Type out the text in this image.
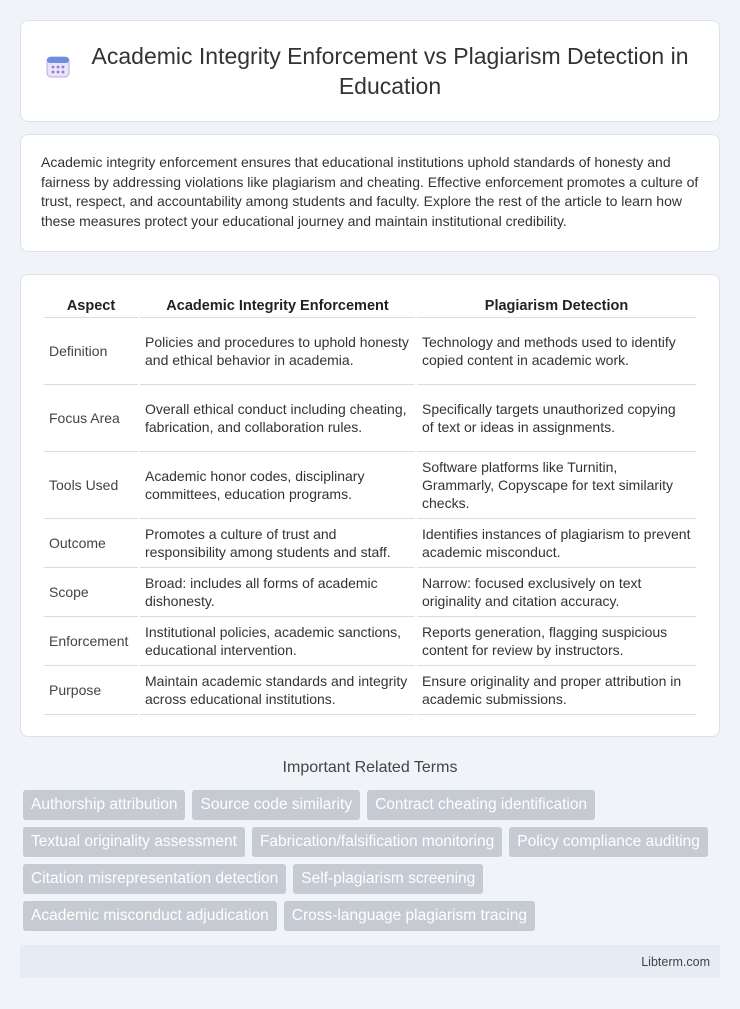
Academic Integrity Enforcement vs Plagiarism Detection in Education

Academic integrity enforcement ensures that educational institutions uphold standards of honesty and fairness by addressing violations like plagiarism and cheating. Effective enforcement promotes a culture of trust, respect, and accountability among students and faculty. Explore the rest of the article to learn how these measures protect your educational journey and maintain institutional credibility.

Aspect	Academic Integrity Enforcement	Plagiarism Detection
Definition	Policies and procedures to uphold honesty and ethical behavior in academia.	Technology and methods used to identify copied content in academic work.
Focus Area	Overall ethical conduct including cheating, fabrication, and collaboration rules.	Specifically targets unauthorized copying of text or ideas in assignments.
Tools Used	Academic honor codes, disciplinary committees, education programs.	Software platforms like Turnitin, Grammarly, Copyscape for text similarity checks.
Outcome	Promotes a culture of trust and responsibility among students and staff.	Identifies instances of plagiarism to prevent academic misconduct.
Scope	Broad: includes all forms of academic dishonesty.	Narrow: focused exclusively on text originality and citation accuracy.
Enforcement	Institutional policies, academic sanctions, educational intervention.	Reports generation, flagging suspicious content for review by instructors.
Purpose	Maintain academic standards and integrity across educational institutions.	Ensure originality and proper attribution in academic submissions.
Important Related Terms
Authorship attribution	Source code similarity	Contract cheating identification
Textual originality assessment	Fabrication/falsification monitoring	Policy compliance auditing
Citation misrepresentation detection	Self-plagiarism screening
Academic misconduct adjudication	Cross-language plagiarism tracing
Libterm.com
